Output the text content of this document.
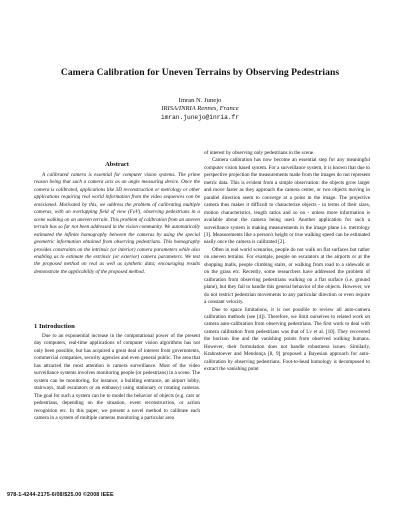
Camera Calibration for Uneven Terrains by Observing Pedestrians
Imran N. Junejo
IRISA/INRIA Rennes, France
imran.junejo@inria.fr
Abstract

A calibrated camera is essential for computer vision systems. The prime reason being that such a camera acts as an angle measuring device. Once the camera is calibrated, applications like 3D reconstruction or metrology or other applications requiring real world information from the video sequences can be envisioned. Motivated by this, we address the problem of calibrating multiple cameras, with an overlapping field of view (FoV), observing pedestrians in a scene walking on an uneven terrain. This problem of calibration from an uneven terrain has so far not been addressed in the vision community. We automatically estimated the infinite homography between the cameras by using the special geometric information obtained from observing pedestrians. This homography provides constraints on the intrinsic (or interior) camera parameters while also enabling us to estimate the extrinsic (or exterior) camera parameters. We test the proposed method on real as well as synthetic data; encouraging results demonstrate the applicability of the proposed method.

1 Introduction

Due to an exponential increase in the computational power of the present day computers, real-time applications of computer vision algorithms has not only been possible, but has acquired a great deal of interest from governments, commercial companies, security agencies and even general public. The area that has attracted the most attention is camera surveillance. Most of the video surveillance systems involves monitoring people (or pedestrians) in a scene. The system can be monitoring, for instance, a building entrance, an airport lobby, stairways, mall escalators or an embassy) using stationary or rotating cameras. The goal for such a system can be to model the behavior of objects (e.g. cars or pedestrians, depending on the situation, event reconstruction, or action recognition etc. In this paper, we present a novel method to calibrate each camera in a system of multiple cameras monitoring a particular area

of interest by observing only pedestrians in the scene.

Camera calibration has now become an essential step for any meaningful computer vision based system. For a surveillance system, it is known that due to perspective projection the measurements made from the images do not represent metric data. This is evident from a simple observation: the objects grow larger and move faster as they approach the camera center, or two objects moving in parallel direction seem to converge at a point in the image. The projective camera thus makes it difficult to characterize objects - in terms of their sizes, motion characteristics, length ratios and so on - unless more information is available about the camera being used. Another application for such a surveillance system is making measurements in the image plane i.e. metrology [3]. Measurements like a person's height or true walking speed can be estimated easily once the camera is calibrated [2].

Often in real world scenarios, people do not walk on flat surfaces but rather on uneven terrains. For example, people on escalators at the airports or at the shopping malls, people climbing stairs, or walking from road to a sidewalk or on the grass etc. Recently, some researchers have addressed the problem of calibration from observing pedestrians walking on a flat surface (i.e. ground plane), but they fail to handle this general behavior of the objects. However, we do not restrict pedestrian movements to any particular direction or even require a constant velocity.

Due to space limitations, it is not possible to review all auto-camera calibration methods (see [4]). Therefore, we limit ourselves to related work on camera auto-calibration from observing pedestrians. The first work to deal with camera calibration from pedestrians was that of Lv et al. [10]. They recovered the horizon line and the vanishing points from observed walking humans. However, their formulation does not handle robustness issues. Similarly, Krahnstoever and Mendonça [8, 9] proposed a Bayesian approach for auto-calibration by observing pedestrians. Foot-to-head homology is decomposed to extract the vanishing point

978-1-4244-2175-6/08/$25.00 ©2008 IEEE
